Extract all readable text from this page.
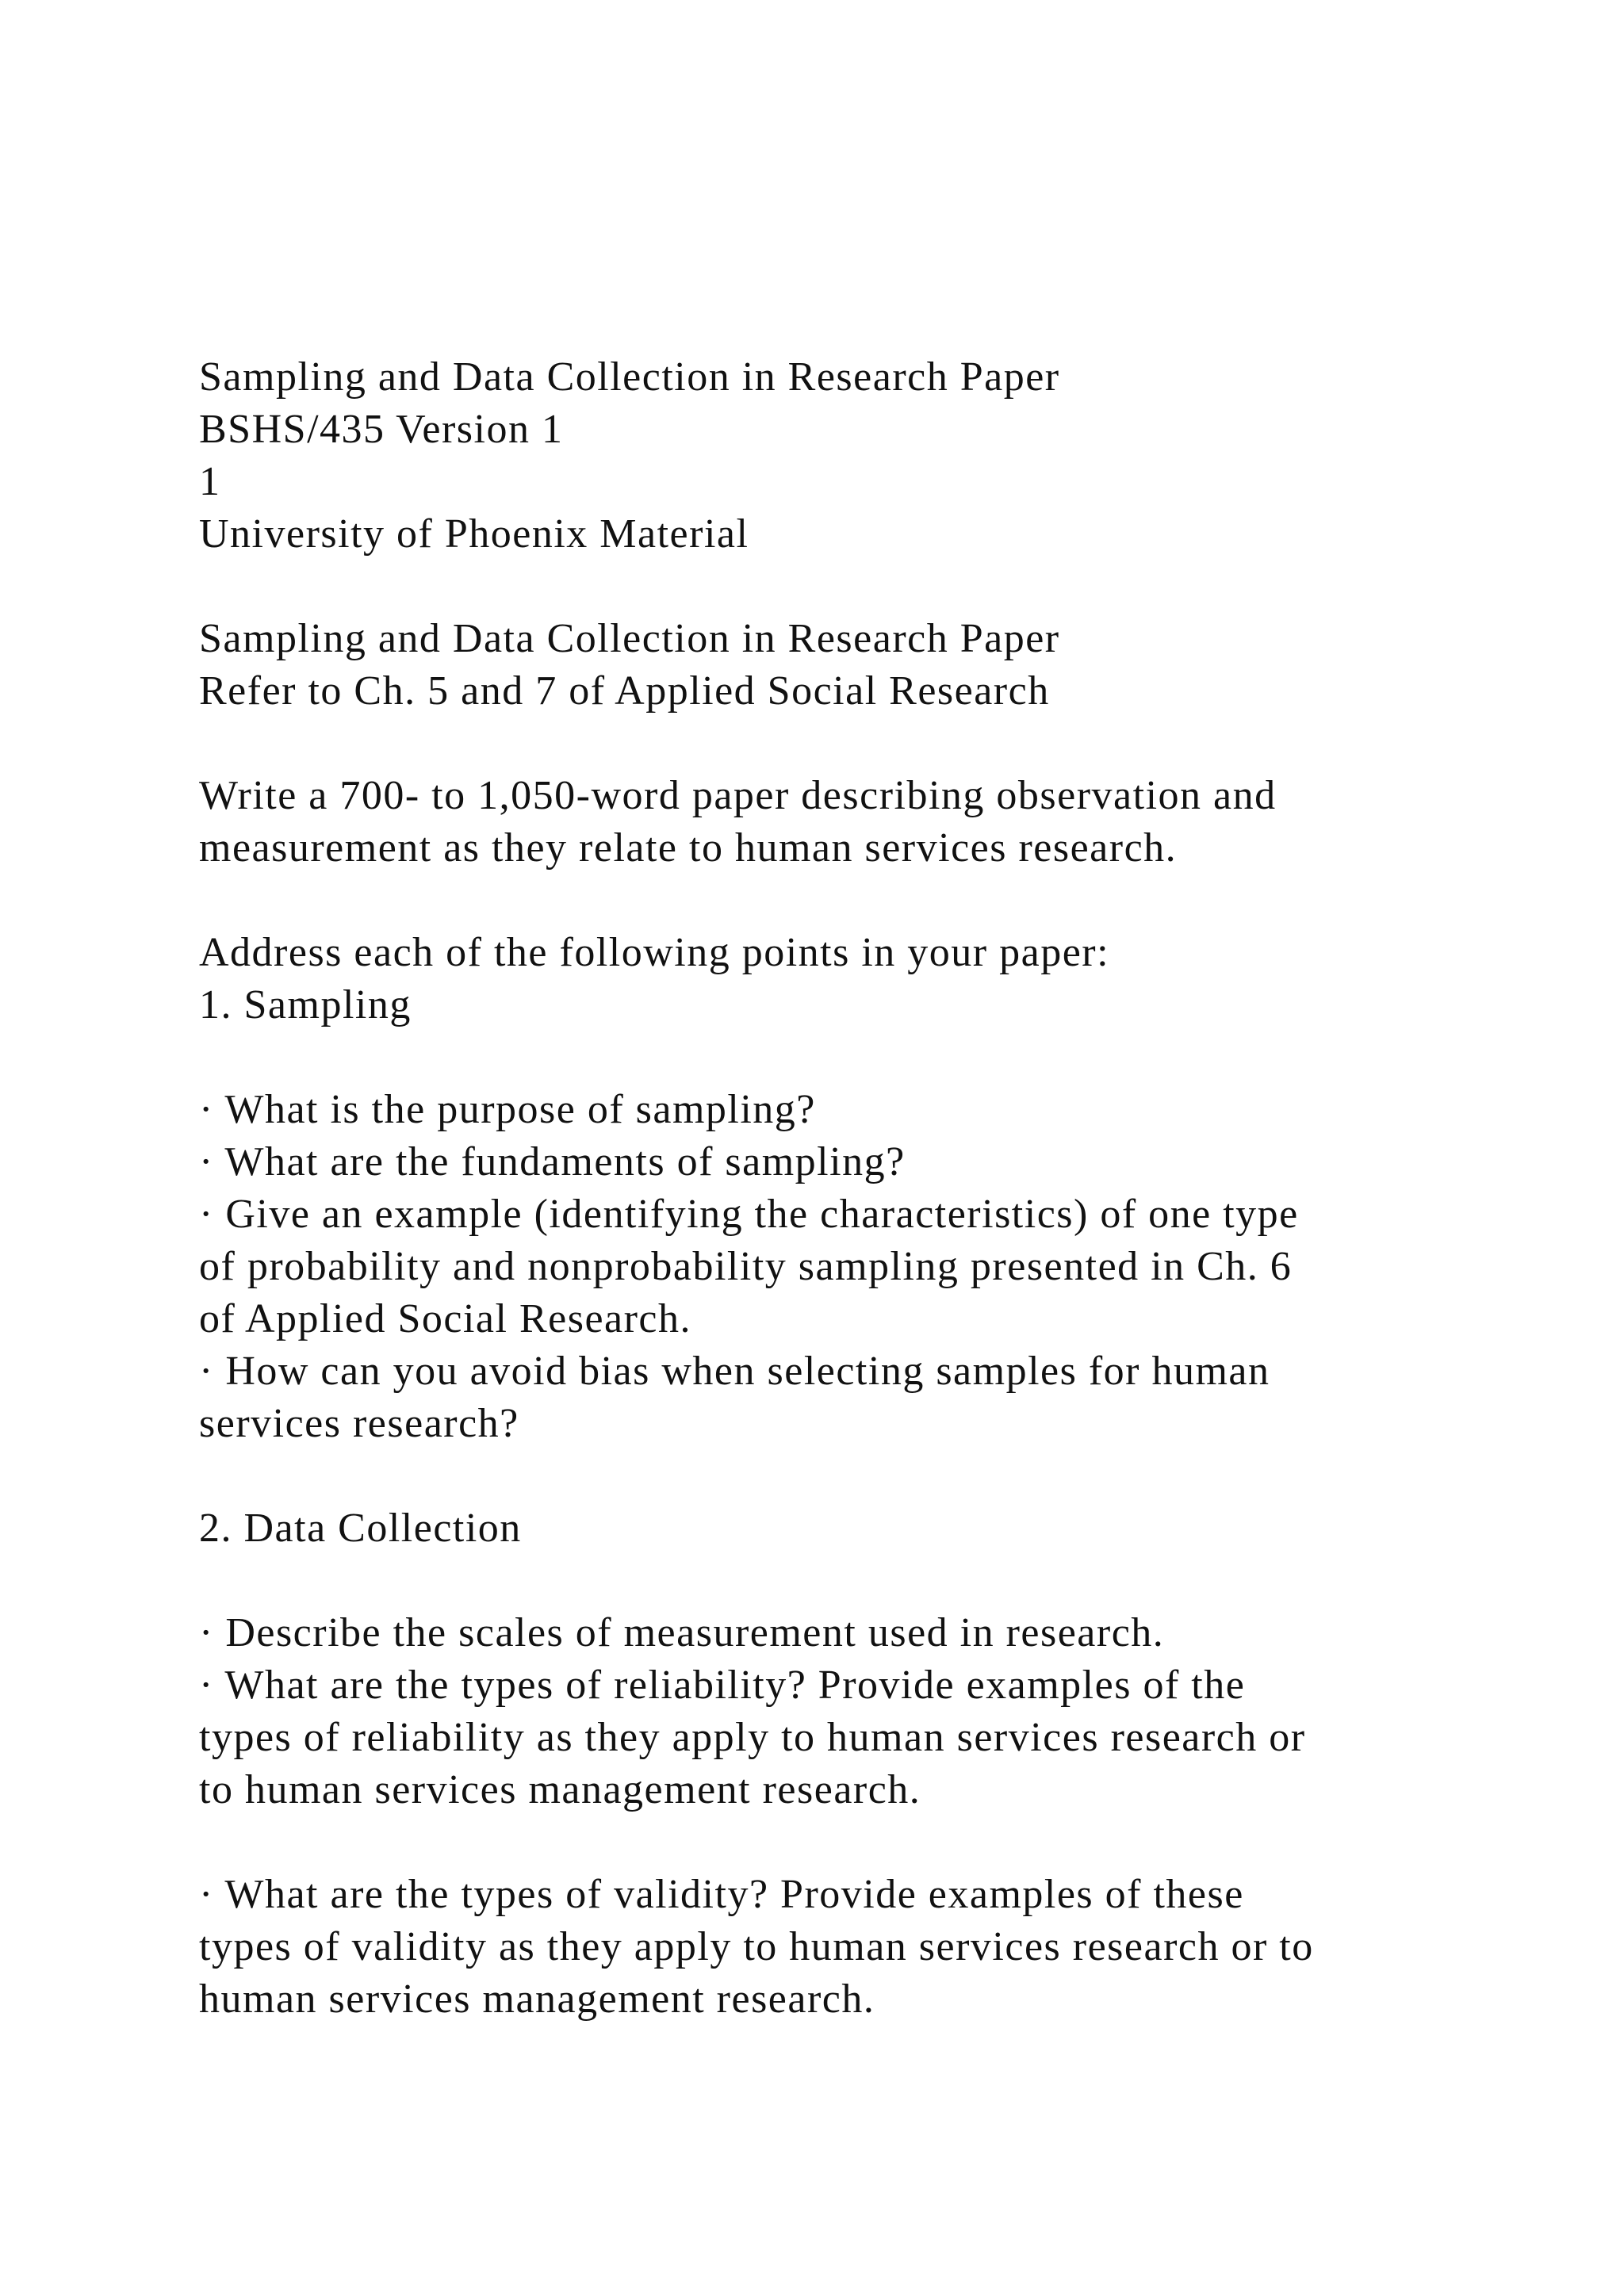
Sampling and Data Collection in Research Paper
BSHS/435 Version 1
1
University of Phoenix Material
Sampling and Data Collection in Research Paper
Refer to Ch. 5 and 7 of Applied Social Research
Write a 700- to 1,050-word paper describing observation and
measurement as they relate to human services research.
Address each of the following points in your paper:
1. Sampling
· What is the purpose of sampling?
· What are the fundaments of sampling?
· Give an example (identifying the characteristics) of one type
of probability and nonprobability sampling presented in Ch. 6
of Applied Social Research.
· How can you avoid bias when selecting samples for human
services research?
2. Data Collection
· Describe the scales of measurement used in research.
· What are the types of reliability? Provide examples of the
types of reliability as they apply to human services research or
to human services management research.
· What are the types of validity? Provide examples of these
types of validity as they apply to human services research or to
human services management research.
